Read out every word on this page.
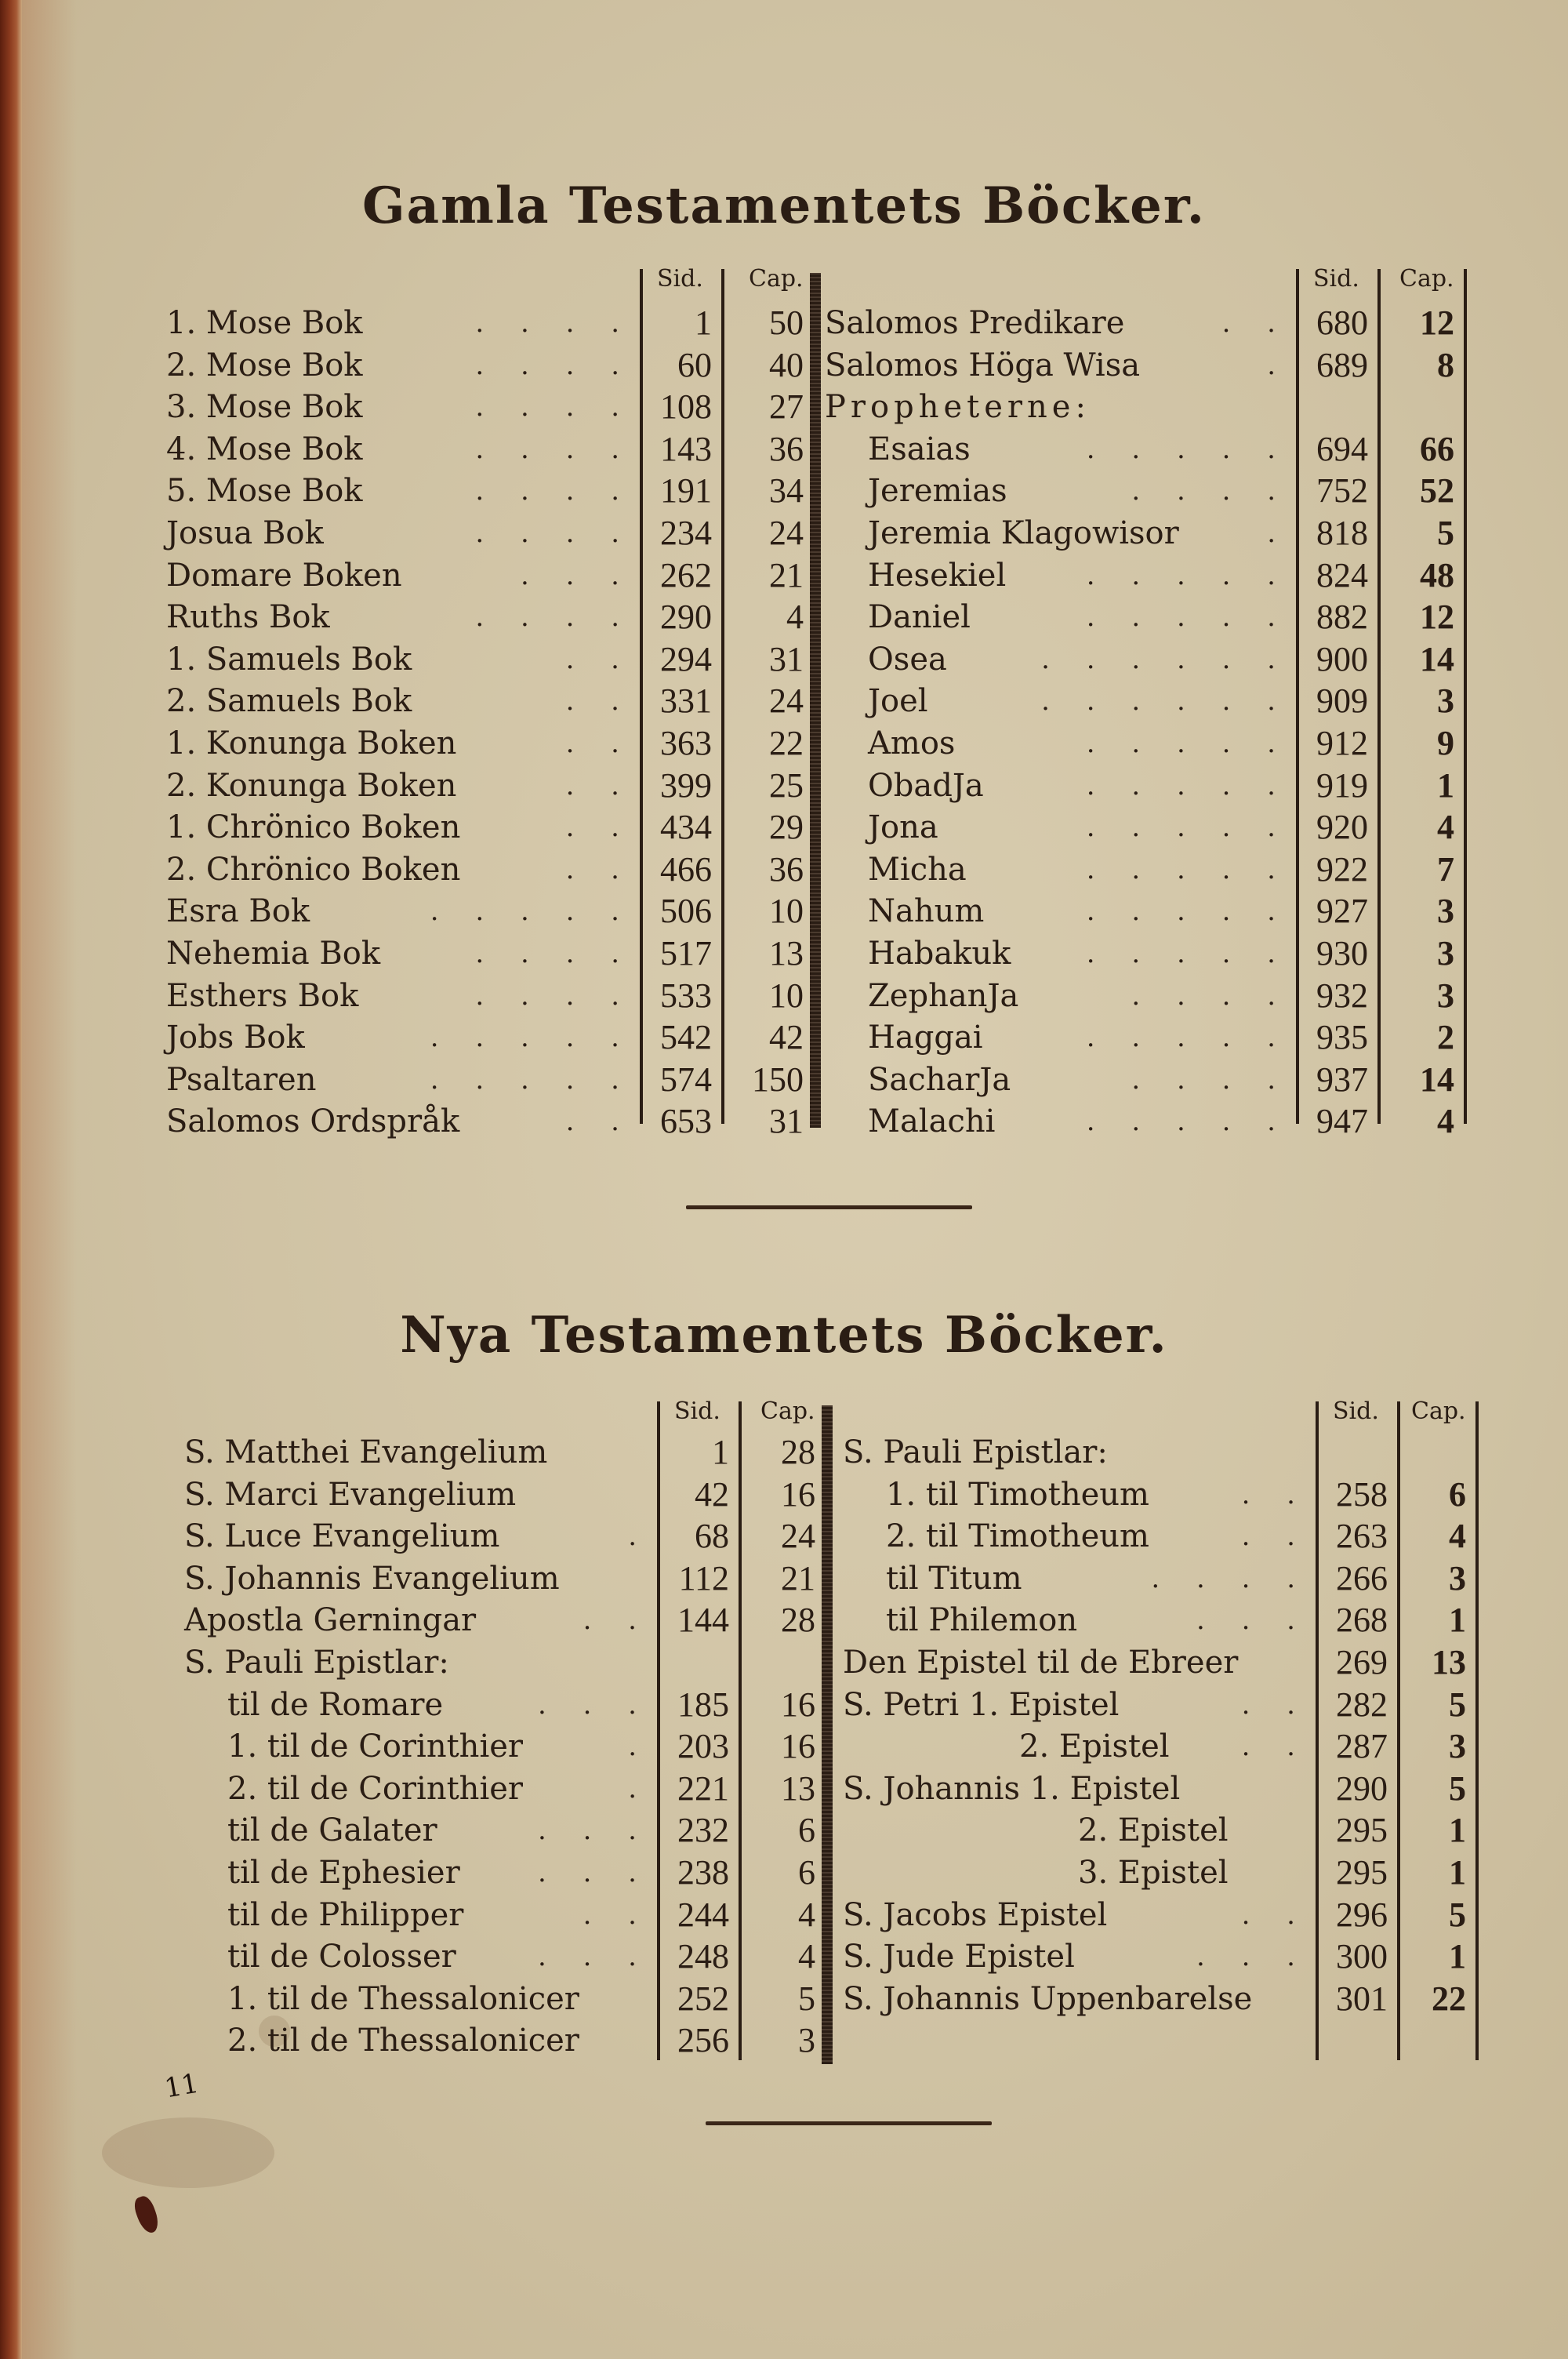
Gamla Testamentets Böcker.
Sid. Cap.
1. Mose Bok	. . . .	1	50
2. Mose Bok	. . . .	60	40
3. Mose Bok	. . . . 108	27
4. Mose Bok	. . . . 143	36
5. Mose Bok	. . . . 191	34
Josua Bok	. . . . 234	24
Domare Boken	. . . 262	21
Ruths Bok	. . . . 290	4
1. Samuels Bok	. . 294	31
2. Samuels Bok	. . 331	24
1. Konunga Boken	. . 363	22
2. Konunga Boken	. . 399	25
1. Chrönico Boken	. . 434	29
2. Chrönico Boken	. . 466	36
Esra Bok	. . . . . 506	10
Nehemia Bok	. . . . 517	13
Esthers Bok	. . . . 533	10
Jobs Bok	. . . . . 542	42
Psaltaren	. . . . . 574	150
Salomos Ordspråk	. . 653	31
Sid. Cap.
Salomos Predikare	. . 680	12
Salomos Höga Wisa	. 689	8
Propheterne:
Esaias	. . . . . 694	66
Jeremias	. . . . 752	52
Jeremia Klagowisor	. 818	5
Hesekiel	. . . . . 824	48
Daniel	. . . . . 882	12
Osea	. . . . . . 900	14
Joel	. . . . . . 909	3
Amos	. . . . . 912	9
ObadJa	. . . . . 919	1
Jona	. . . . . 920	4
Micha	. . . . . 922	7
Nahum	. . . . . 927	3
Habakuk	. . . . . 930	3
ZephanJa	. . . . 932	3
Haggai	. . . . . 935	2
SacharJa	. . . . 937	14
Malachi	. . . . . 947	4
Nya Testamentets Böcker.
Sid. Cap.
S. Matthei Evangelium	1	28
S. Marci Evangelium	42	16
S. Luce Evangelium	.	68	24
S. Johannis Evangelium	112	21
Apostla Gerningar	. . 144	28
S. Pauli Epistlar:
til de Romare	. . . 185	16
1. til de Corinthier	. 203	16
2. til de Corinthier	. 221	13
til de Galater	. . . 232	6
til de Ephesier	. . . 238	6
til de Philipper	. . 244	4
til de Colosser	. . . 248	4
1. til de Thessalonicer	252	5
2. til de Thessalonicer	256	3
Sid. Cap.
S. Pauli Epistlar:
1. til Timotheum	. . 258	6
2. til Timotheum	. . 263	4
til Titum	. . . . 266	3
til Philemon	. . . 268	1
Den Epistel til de Ebreer	269	13
S. Petri 1. Epistel	. . 282	5
2. Epistel	. . 287	3
S. Johannis 1. Epistel	290	5
2. Epistel	295	1
3. Epistel	295	1
S. Jacobs Epistel	. . 296	5
S. Jude Epistel	. . . 300	1
S. Johannis Uppenbarelse	301	22
11
